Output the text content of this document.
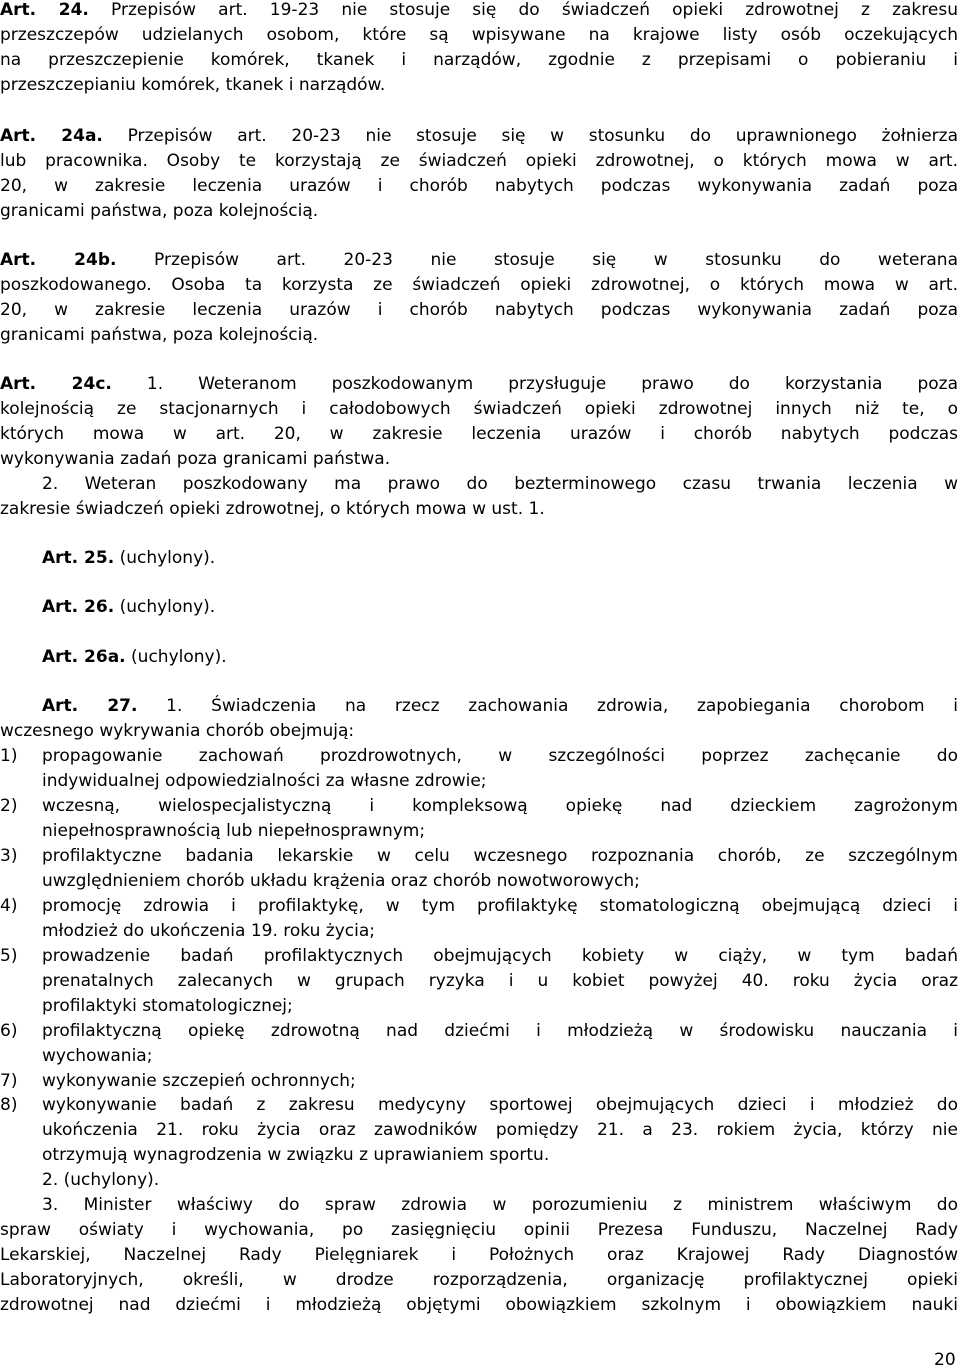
Art. 24. Przepisów art. 19-23 nie stosuje się do świadczeń opieki zdrowotnej z zakresu
przeszczepów udzielanych osobom, które są wpisywane na krajowe listy osób oczekujących
na przeszczepienie komórek, tkanek i narządów, zgodnie z przepisami o pobieraniu i
przeszczepianiu komórek, tkanek i narządów.
Art. 24a. Przepisów art. 20-23 nie stosuje się w stosunku do uprawnionego żołnierza
lub pracownika. Osoby te korzystają ze świadczeń opieki zdrowotnej, o których mowa w art.
20, w zakresie leczenia urazów i chorób nabytych podczas wykonywania zadań poza
granicami państwa, poza kolejnością.
Art. 24b. Przepisów art. 20-23 nie stosuje się w stosunku do weterana
poszkodowanego. Osoba ta korzysta ze świadczeń opieki zdrowotnej, o których mowa w art.
20, w zakresie leczenia urazów i chorób nabytych podczas wykonywania zadań poza
granicami państwa, poza kolejnością.
Art. 24c. 1. Weteranom poszkodowanym przysługuje prawo do korzystania poza
kolejnością ze stacjonarnych i całodobowych świadczeń opieki zdrowotnej innych niż te, o
których mowa w art. 20, w zakresie leczenia urazów i chorób nabytych podczas
wykonywania zadań poza granicami państwa.
2. Weteran poszkodowany ma prawo do bezterminowego czasu trwania leczenia w
zakresie świadczeń opieki zdrowotnej, o których mowa w ust. 1.
Art. 25. (uchylony).
Art. 26. (uchylony).
Art. 26a. (uchylony).
Art. 27. 1. Świadczenia na rzecz zachowania zdrowia, zapobiegania chorobom i
wczesnego wykrywania chorób obejmują:
1)	propagowanie zachowań prozdrowotnych, w szczególności poprzez zachęcanie do
indywidualnej odpowiedzialności za własne zdrowie;
2)	wczesną, wielospecjalistyczną i kompleksową opiekę nad dzieckiem zagrożonym
niepełnosprawnością lub niepełnosprawnym;
3)	profilaktyczne badania lekarskie w celu wczesnego rozpoznania chorób, ze szczególnym
uwzględnieniem chorób układu krążenia oraz chorób nowotworowych;
4)	promocję zdrowia i profilaktykę, w tym profilaktykę stomatologiczną obejmującą dzieci i
młodzież do ukończenia 19. roku życia;
5)	prowadzenie badań profilaktycznych obejmujących kobiety w ciąży, w tym badań
prenatalnych zalecanych w grupach ryzyka i u kobiet powyżej 40. roku życia oraz
profilaktyki stomatologicznej;
6)	profilaktyczną opiekę zdrowotną nad dziećmi i młodzieżą w środowisku nauczania i
wychowania;
7)	wykonywanie szczepień ochronnych;
8)	wykonywanie badań z zakresu medycyny sportowej obejmujących dzieci i młodzież do
ukończenia 21. roku życia oraz zawodników pomiędzy 21. a 23. rokiem życia, którzy nie
otrzymują wynagrodzenia w związku z uprawianiem sportu.
2. (uchylony).
3. Minister właściwy do spraw zdrowia w porozumieniu z ministrem właściwym do
spraw oświaty i wychowania, po zasięgnięciu opinii Prezesa Funduszu, Naczelnej Rady
Lekarskiej, Naczelnej Rady Pielęgniarek i Położnych oraz Krajowej Rady Diagnostów
Laboratoryjnych, określi, w drodze rozporządzenia, organizację profilaktycznej opieki
zdrowotnej nad dziećmi i młodzieżą objętymi obowiązkiem szkolnym i obowiązkiem nauki
20
